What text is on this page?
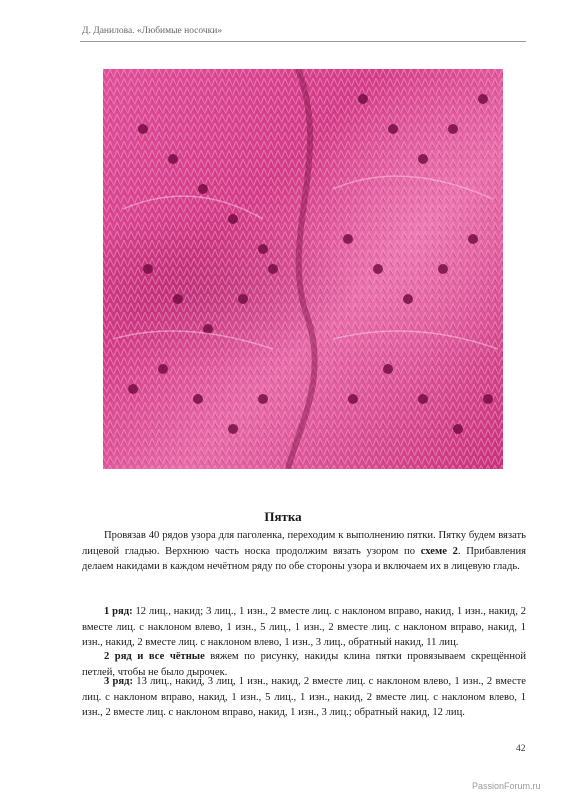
Д. Данилова. «Любимые носочки»
Пятка

Провязав 40 рядов узора для паголенка, переходим к выполнению пятки. Пятку будем вязать лицевой гладью. Верхнюю часть носка продолжим вязать узором по схеме 2. Прибавления делаем накидами в каждом нечётном ряду по обе стороны узора и включаем их в лицевую гладь.

1 ряд: 12 лиц., накид; 3 лиц., 1 изн., 2 вместе лиц. с наклоном вправо, накид, 1 изн., накид, 2 вместе лиц. с наклоном влево, 1 изн., 5 лиц., 1 изн., 2 вместе лиц. с наклоном вправо, накид, 1 изн., накид, 2 вместе лиц. с наклоном влево, 1 изн., 3 лиц., обратный накид, 11 лиц.

2 ряд и все чётные вяжем по рисунку, накиды клина пятки провязываем скрещённой петлей, чтобы не было дырочек.

3 ряд: 13 лиц., накид, 3 лиц, 1 изн., накид, 2 вместе лиц. с наклоном влево, 1 изн., 2 вместе лиц. с наклоном вправо, накид, 1 изн., 5 лиц., 1 изн., накид, 2 вместе лиц. с наклоном влево, 1 изн., 2 вместе лиц. с наклоном вправо, накид, 1 изн., 3 лиц.; обратный накид, 12 лиц.

42
PassionForum.ru
